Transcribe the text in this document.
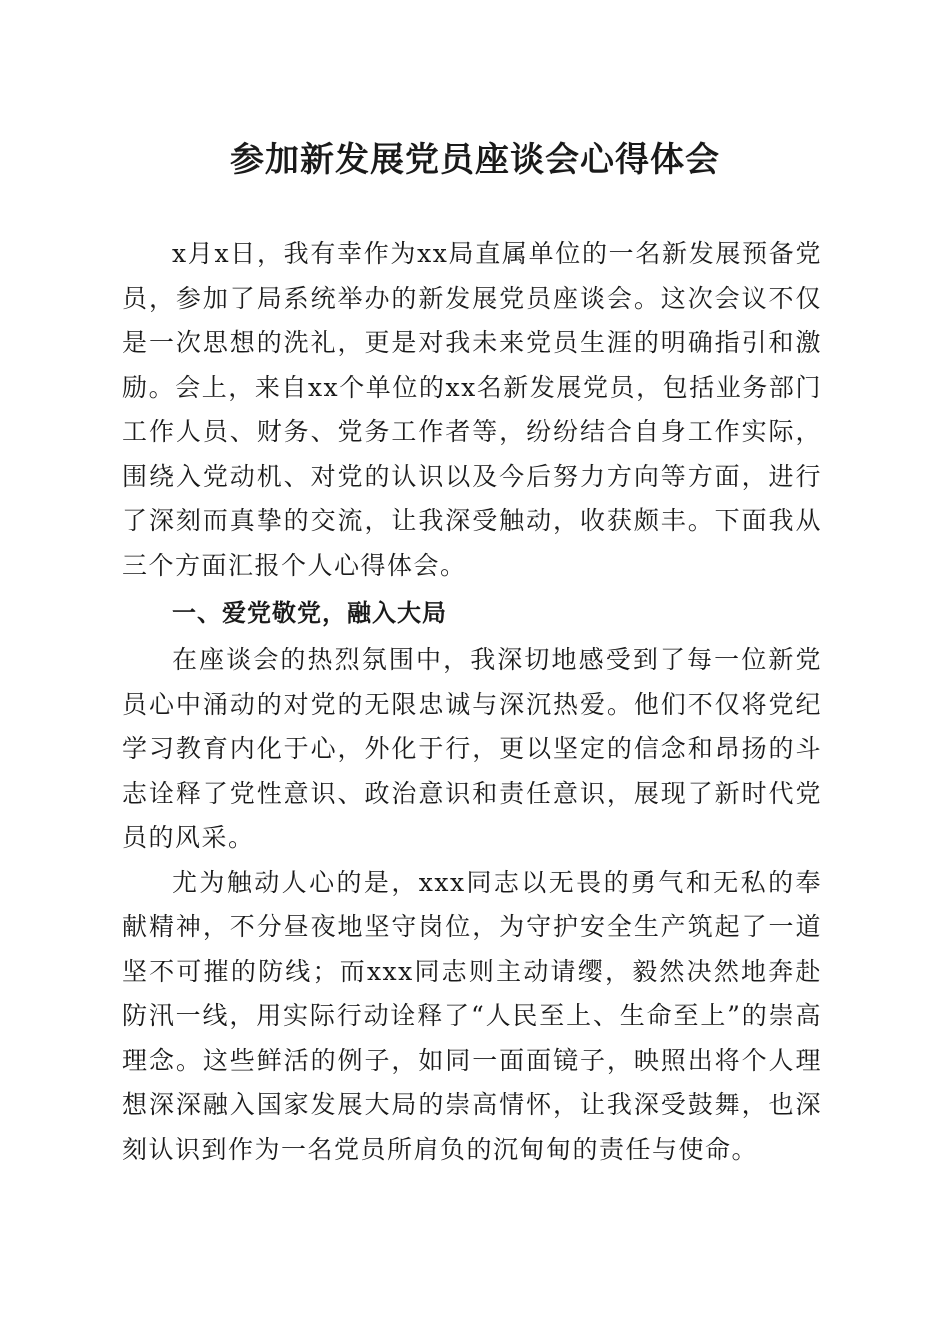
参加新发展党员座谈会心得体会

x月x日，我有幸作为xx局直属单位的一名新发展预备党员，参加了局系统举办的新发展党员座谈会。这次会议不仅是一次思想的洗礼，更是对我未来党员生涯的明确指引和激励。会上，来自xx个单位的xx名新发展党员，包括业务部门工作人员、财务、党务工作者等，纷纷结合自身工作实际，围绕入党动机、对党的认识以及今后努力方向等方面，进行了深刻而真挚的交流，让我深受触动，收获颇丰。下面我从三个方面汇报个人心得体会。

一、爱党敬党，融入大局

在座谈会的热烈氛围中，我深切地感受到了每一位新党员心中涌动的对党的无限忠诚与深沉热爱。他们不仅将党纪学习教育内化于心，外化于行，更以坚定的信念和昂扬的斗志诠释了党性意识、政治意识和责任意识，展现了新时代党员的风采。

尤为触动人心的是，xxx同志以无畏的勇气和无私的奉献精神，不分昼夜地坚守岗位，为守护安全生产筑起了一道坚不可摧的防线；而xxx同志则主动请缨，毅然决然地奔赴防汛一线，用实际行动诠释了“人民至上、生命至上”的崇高理念。这些鲜活的例子，如同一面面镜子，映照出将个人理想深深融入国家发展大局的崇高情怀，让我深受鼓舞，也深刻认识到作为一名党员所肩负的沉甸甸的责任与使命。
